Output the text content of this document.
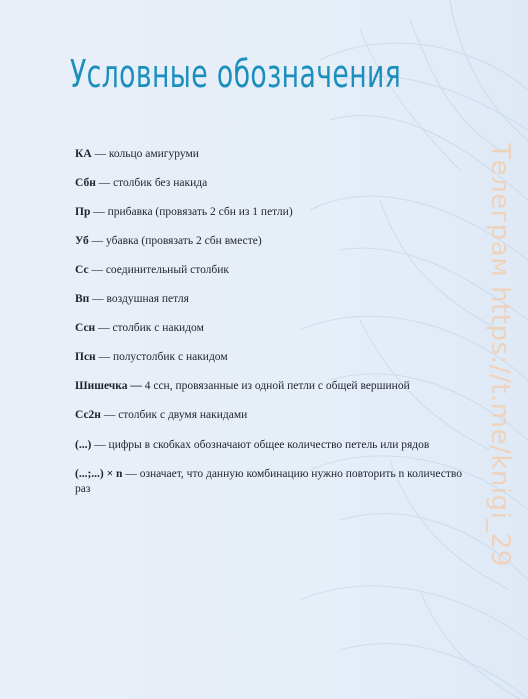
Условные обозначения
КА — кольцо амигуруми
Сбн — столбик без накида
Пр — прибавка (провязать 2 сбн из 1 петли)
Уб — убавка (провязать 2 сбн вместе)
Сс — соединительный столбик
Вп — воздушная петля
Ссн — столбик с накидом
Псн — полустолбик с накидом
Шишечка — 4 ссн, провязанные из одной петли с общей вершиной
Сс2н — столбик с двумя накидами
(...) — цифры в скобках обозначают общее количество петель или рядов
(...;...) × n — означает, что данную комбинацию нужно повторить n количество раз	Телеграм https://t.me/knigi_29
